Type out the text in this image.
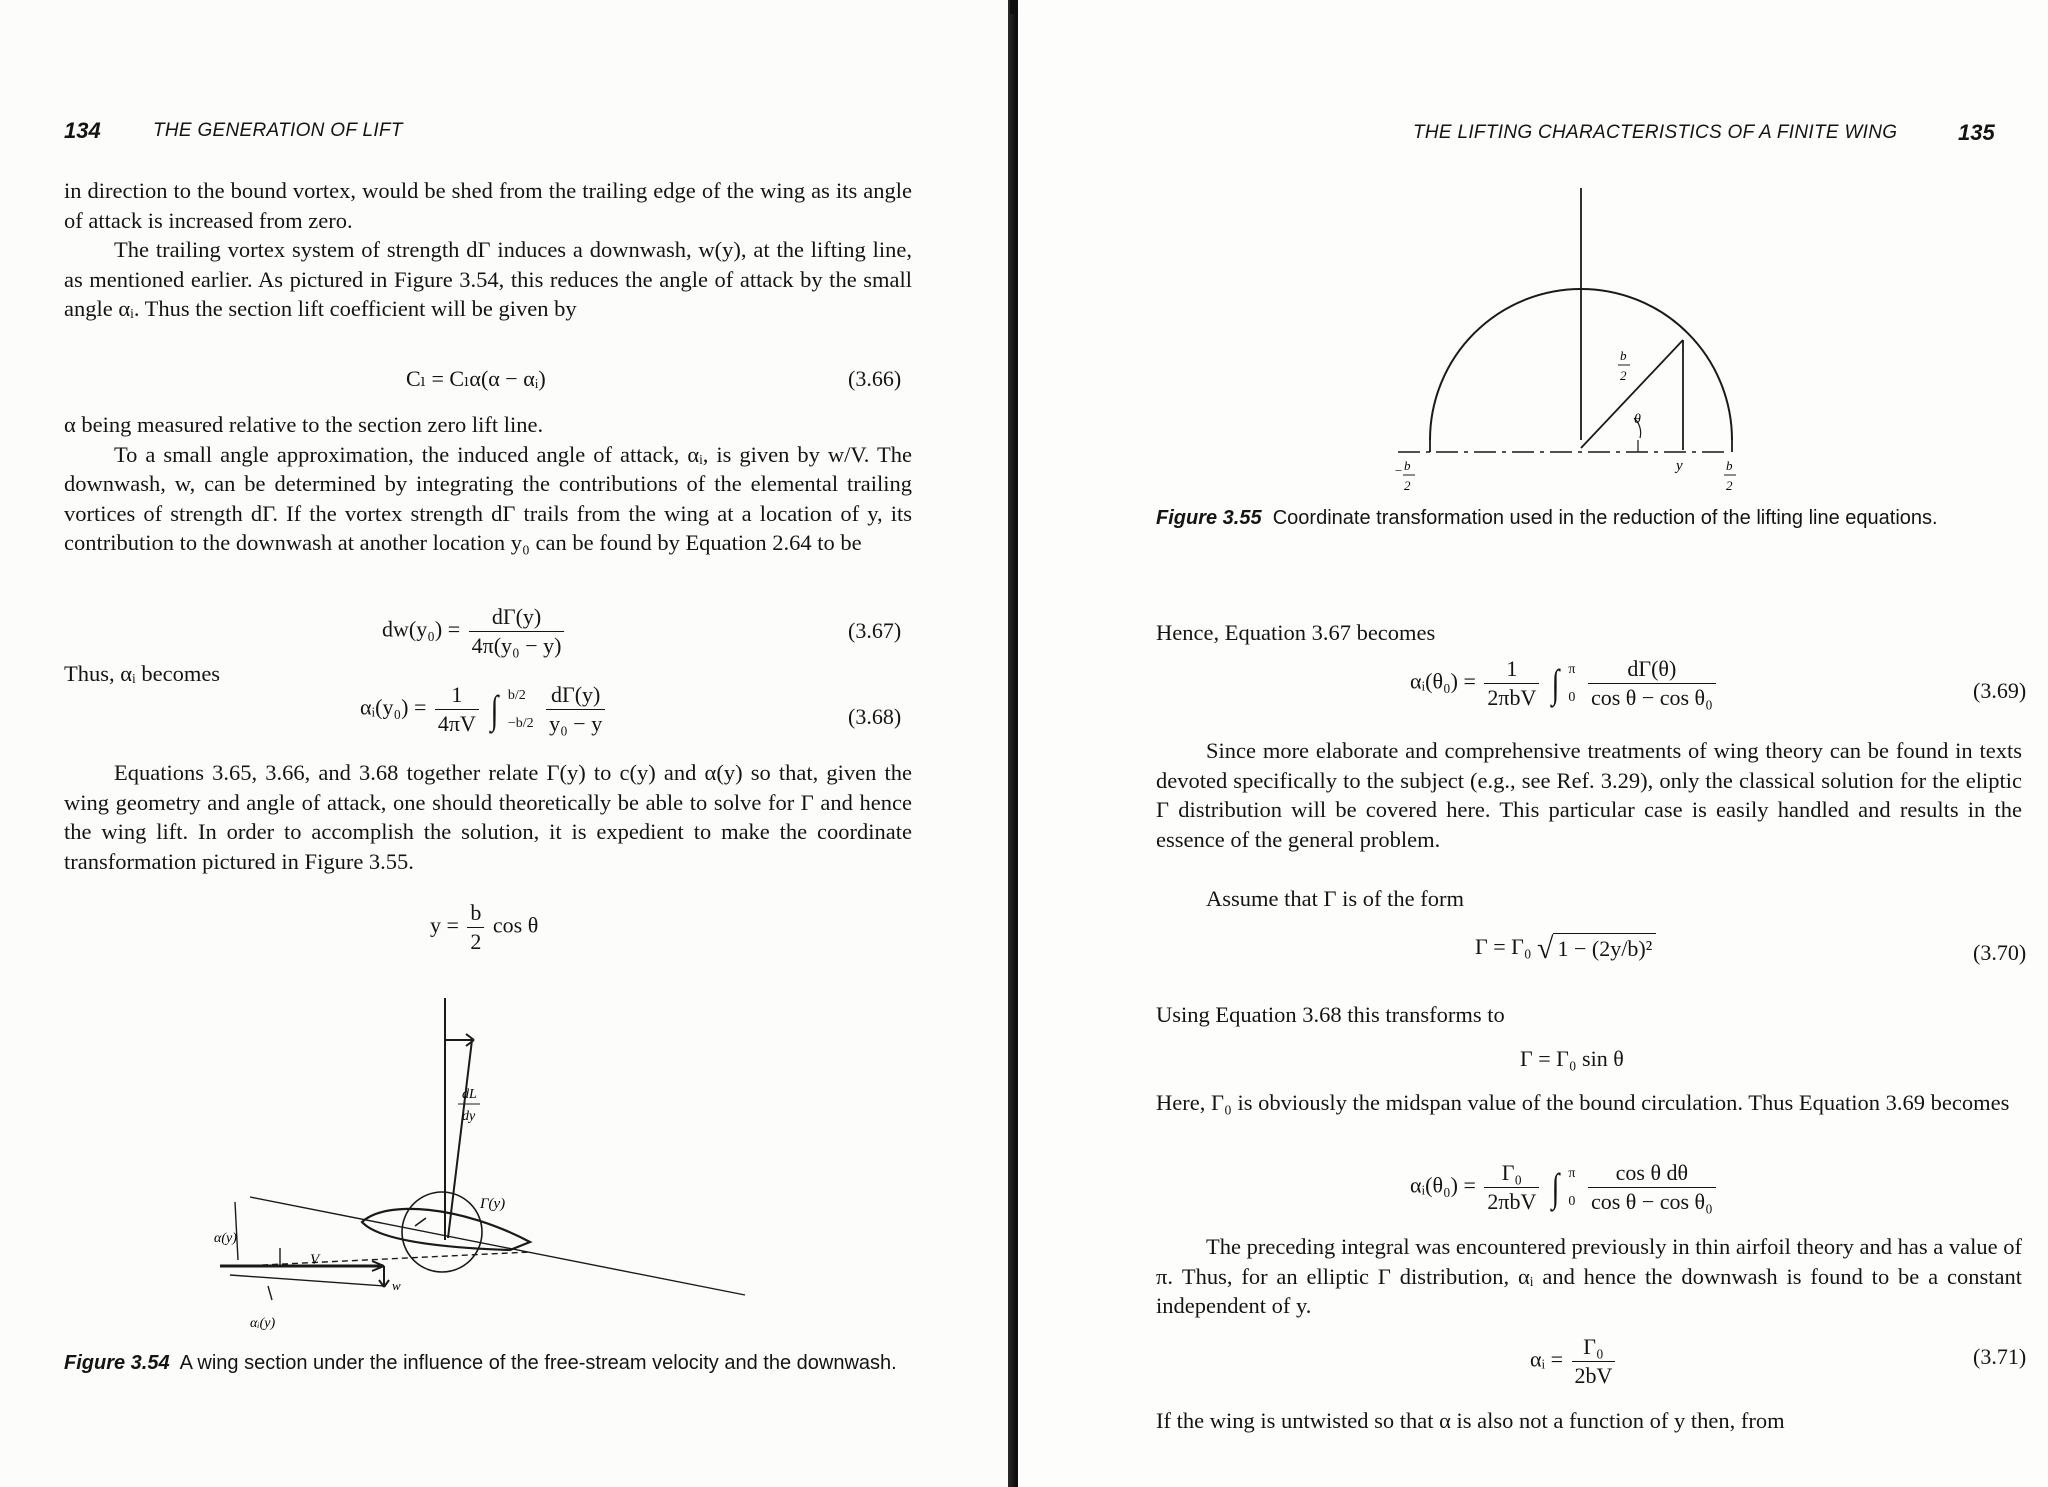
134	THE GENERATION OF LIFT

in direction to the bound vortex, would be shed from the trailing edge of the wing as its angle of attack is increased from zero.

The trailing vortex system of strength dΓ induces a downwash, w(y), at the lifting line, as mentioned earlier. As pictured in Figure 3.54, this reduces the angle of attack by the small angle αᵢ. Thus the section lift coefficient will be given by

Cₗ = Cₗα(α − αᵢ)	(3.66)

α being measured relative to the section zero lift line.

To a small angle approximation, the induced angle of attack, αᵢ, is given by w/V. The downwash, w, can be determined by integrating the contributions of the elemental trailing vortices of strength dΓ. If the vortex strength dΓ trails from the wing at a location of y, its contribution to the downwash at another location y₀ can be found by Equation 2.64 to be

$dw(y_0) = \frac{d\Gamma(y)}{\text{4π(y₀ − y)}}$	(3.67)
Thus, αᵢ becomes
αᵢ(y₀) = $\frac{1}{4\pi V}$ ∫ b/2
−b/2
$\frac{d\Gamma(y)}{\text{y₀ − y}}$	(3.68)
Equations 3.65, 3.66, and 3.68 together relate Γ(y) to c(y) and α(y) so that, given the wing geometry and angle of attack, one should theoretically be able to solve for Γ and hence the wing lift. In order to accomplish the solution, it is expedient to make the coordinate transformation pictured in Figure 3.55.
$y = \frac{b}{2}$ cos θ
dL
dy
Γ(y)
α(y)
V
w
αᵢ(y)
Figure 3.54 A wing section under the influence of the free-stream velocity and the downwash.
THE LIFTING CHARACTERISTICS OF A FINITE WING	135
b
2
θ
− b
2
y	b
2
Figure 3.55 Coordinate transformation used in the reduction of the lifting line equations.
Hence, Equation 3.67 becomes
αᵢ(θ₀) = $\frac{1}{\text{2πbV}}$ ∫ π
0
$\frac{d\Gamma(\theta)}{\text{cos θ − cos θ₀}}$	(3.69)
Since more elaborate and comprehensive treatments of wing theory can be found in texts devoted specifically to the subject (e.g., see Ref. 3.29), only the classical solution for the eliptic Γ distribution will be covered here. This particular case is easily handled and results in the essence of the general problem.
Assume that Γ is of the form
Γ = Γ₀ √ 1 − (2y/b)²	(3.70)
Using Equation 3.68 this transforms to
Γ = Γ₀ sin θ
Here, Γ₀ is obviously the midspan value of the bound circulation. Thus Equation 3.69 becomes
αᵢ(θ₀) = $\frac{\text{Γ₀}}{\text{2πbV}}$ ∫ π
0
$\frac{\text{cos θ dθ}}{\text{cos θ − cos θ₀}}$
The preceding integral was encountered previously in thin airfoil theory and has a value of π. Thus, for an elliptic Γ distribution, αᵢ and hence the downwash is found to be a constant independent of y.
αᵢ = $\frac{\text{Γ₀}}{2bV}$	(3.71)
If the wing is untwisted so that α is also not a function of y then, from
